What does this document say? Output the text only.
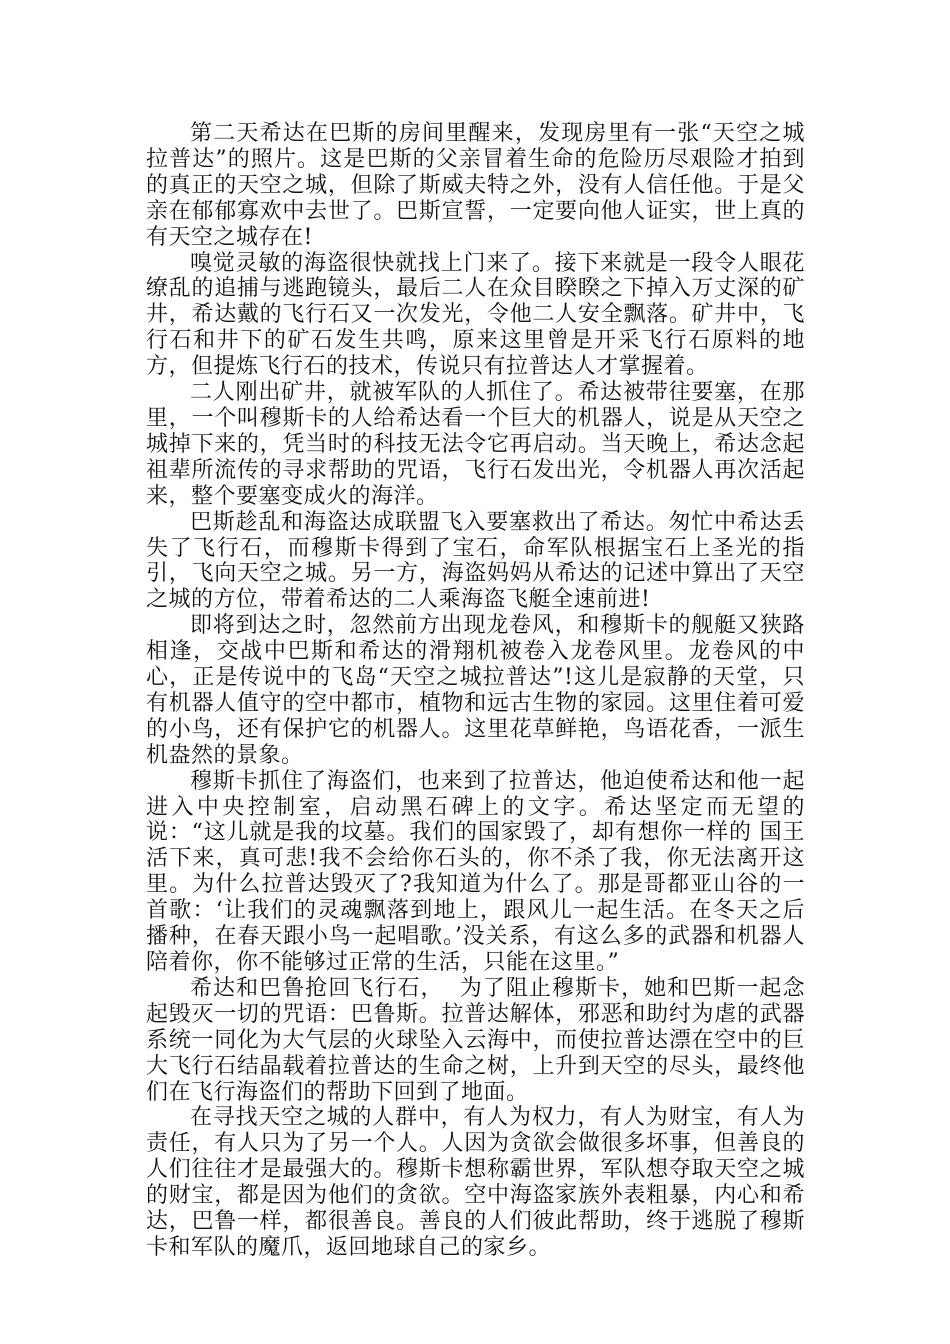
第二天希达在巴斯的房间里醒来，发现房里有一张“天空之城拉普达”的照片。这是巴斯的父亲冒着生命的危险历尽艰险才拍到的真正的天空之城，但除了斯威夫特之外，没有人信任他。于是父亲在郁郁寡欢中去世了。巴斯宣誓，一定要向他人证实，世上真的有天空之城存在!

嗅觉灵敏的海盗很快就找上门来了。接下来就是一段令人眼花缭乱的追捕与逃跑镜头，最后二人在众目睽睽之下掉入万丈深的矿井，希达戴的飞行石又一次发光，令他二人安全飘落。矿井中，飞行石和井下的矿石发生共鸣，原来这里曾是开采飞行石原料的地方，但提炼飞行石的技术，传说只有拉普达人才掌握着。

二人刚出矿井，就被军队的人抓住了。希达被带往要塞，在那里，一个叫穆斯卡的人给希达看一个巨大的机器人，说是从天空之城掉下来的，凭当时的科技无法令它再启动。当天晚上，希达念起祖辈所流传的寻求帮助的咒语，飞行石发出光，令机器人再次活起来，整个要塞变成火的海洋。

巴斯趁乱和海盗达成联盟飞入要塞救出了希达。匆忙中希达丢失了飞行石，而穆斯卡得到了宝石，命军队根据宝石上圣光的指引，飞向天空之城。另一方，海盗妈妈从希达的记述中算出了天空之城的方位，带着希达的二人乘海盗飞艇全速前进!

即将到达之时，忽然前方出现龙卷风，和穆斯卡的舰艇又狭路相逢，交战中巴斯和希达的滑翔机被卷入龙卷风里。龙卷风的中心，正是传说中的飞岛“天空之城拉普达”!这儿是寂静的天堂，只有机器人值守的空中都市，植物和远古生物的家园。这里住着可爱的小鸟，还有保护它的机器人。这里花草鲜艳，鸟语花香，一派生机盎然的景象。

穆斯卡抓住了海盗们，也来到了拉普达，他迫使希达和他一起进入中央控制室，启动黑石碑上的文字。希达坚定而无望的说：“这儿就是我的坟墓。我们的国家毁了，却有想你一样的 国王活下来，真可悲!我不会给你石头的，你不杀了我，你无法离开这里。为什么拉普达毁灭了?我知道为什么了。那是哥都亚山谷的一首歌：‘让我们的灵魂飘落到地上，跟风儿一起生活。在冬天之后播种，在春天跟小鸟一起唱歌。’没关系，有这么多的武器和机器人陪着你，你不能够过正常的生活，只能在这里。”

希达和巴鲁抢回飞行石，  为了阻止穆斯卡，她和巴斯一起念起毁灭一切的咒语：巴鲁斯。拉普达解体，邪恶和助纣为虐的武器系统一同化为大气层的火球坠入云海中，而使拉普达漂在空中的巨大飞行石结晶载着拉普达的生命之树，上升到天空的尽头，最终他们在飞行海盗们的帮助下回到了地面。

在寻找天空之城的人群中，有人为权力，有人为财宝，有人为责任，有人只为了另一个人。人因为贪欲会做很多坏事，但善良的人们往往才是最强大的。穆斯卡想称霸世界，军队想夺取天空之城的财宝，都是因为他们的贪欲。空中海盗家族外表粗暴，内心和希达，巴鲁一样，都很善良。善良的人们彼此帮助，终于逃脱了穆斯卡和军队的魔爪，返回地球自己的家乡。
